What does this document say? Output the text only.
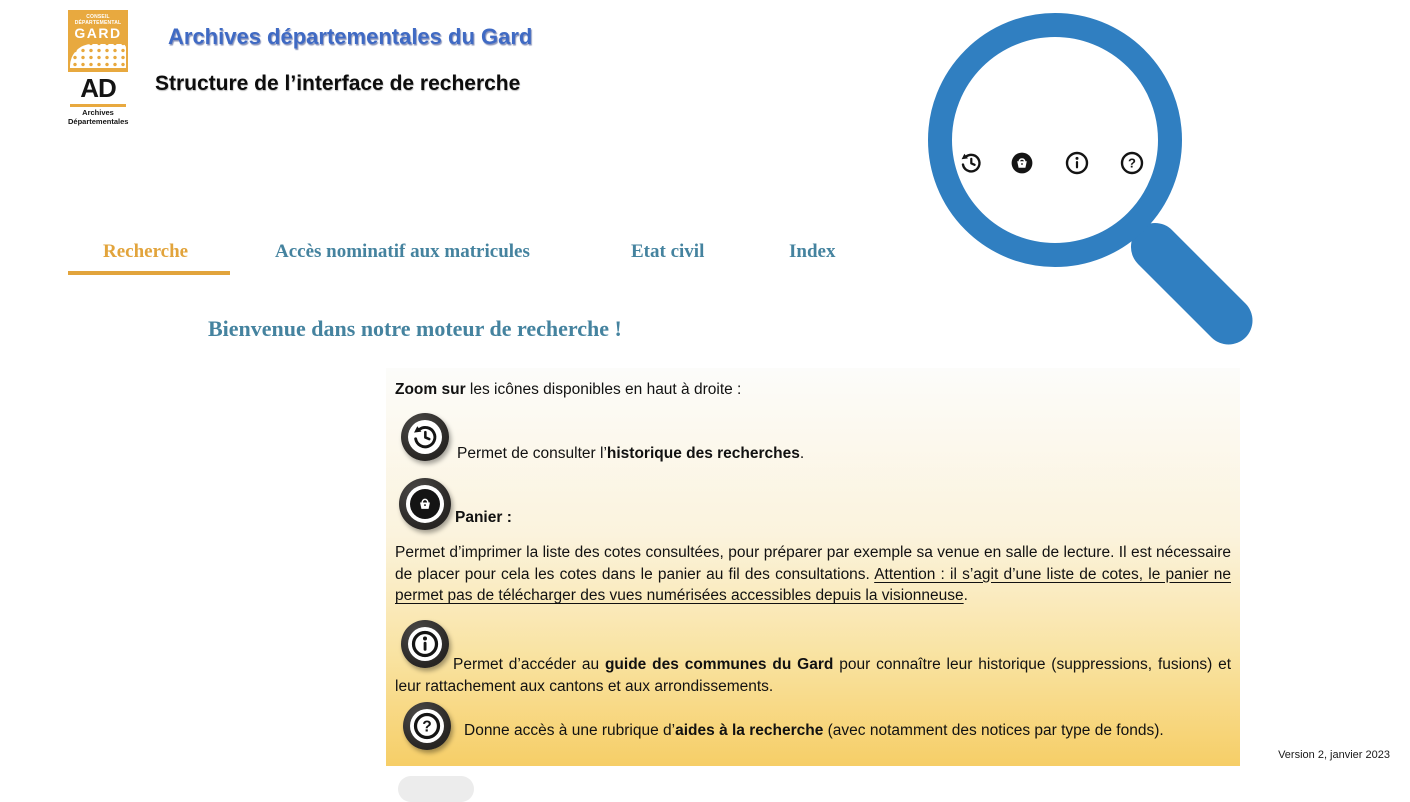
CONSEIL DÉPARTEMENTAL
GARD
AD
Archives
Départementales
Archives départementales du Gard
Structure de l’interface de recherche
?
Recherche	Accès nominatif aux matricules	Etat civil	Index
Bienvenue dans notre moteur de recherche !
Zoom sur les icônes disponibles en haut à droite :
Permet de consulter l’historique des recherches.
Panier :
Permet d’imprimer la liste des cotes consultées, pour préparer par exemple sa venue en salle de lecture. Il est nécessaire de placer pour cela les cotes dans le panier au fil des consultations. Attention : il s’agit d’une liste de cotes, le panier ne permet pas de télécharger des vues numérisées accessibles depuis la visionneuse.
Permet d’accéder au guide des communes du Gard pour connaître leur historique (suppressions, fusions) et leur rattachement aux cantons et aux arrondissements.
?	Donne accès à une rubrique d’aides à la recherche (avec notamment des notices par type de fonds).
Version 2, janvier 2023
